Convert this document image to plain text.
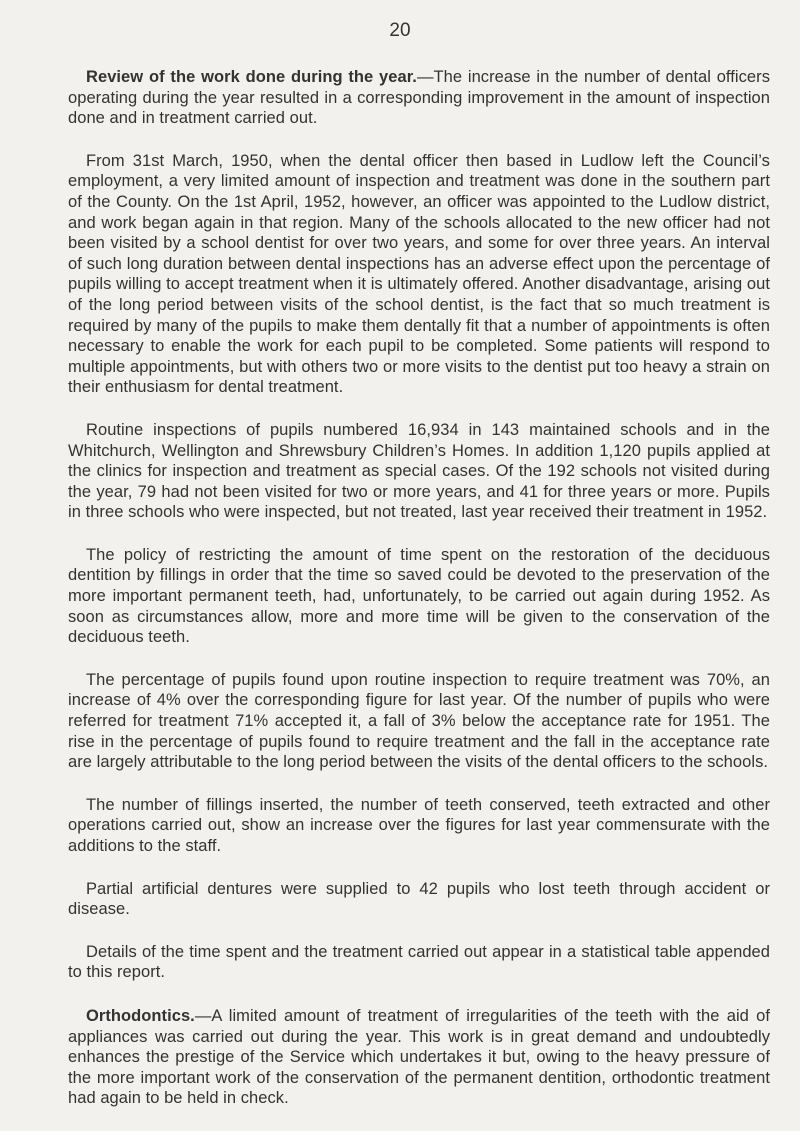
20

Review of the work done during the year.—The increase in the number of dental officers operating during the year resulted in a corresponding improvement in the amount of inspection done and in treatment carried out.

From 31st March, 1950, when the dental officer then based in Ludlow left the Council’s employment, a very limited amount of inspection and treatment was done in the southern part of the County. On the 1st April, 1952, however, an officer was appointed to the Ludlow district, and work began again in that region. Many of the schools allocated to the new officer had not been visited by a school dentist for over two years, and some for over three years. An interval of such long duration between dental inspections has an adverse effect upon the percentage of pupils willing to accept treatment when it is ultimately offered. Another disadvantage, arising out of the long period between visits of the school dentist, is the fact that so much treatment is required by many of the pupils to make them dentally fit that a number of appointments is often necessary to enable the work for each pupil to be completed. Some patients will respond to multiple appointments, but with others two or more visits to the dentist put too heavy a strain on their enthusiasm for dental treatment.

Routine inspections of pupils numbered 16,934 in 143 maintained schools and in the Whitchurch, Wellington and Shrewsbury Children’s Homes. In addition 1,120 pupils applied at the clinics for inspection and treatment as special cases. Of the 192 schools not visited during the year, 79 had not been visited for two or more years, and 41 for three years or more. Pupils in three schools who were inspected, but not treated, last year received their treatment in 1952.

The policy of restricting the amount of time spent on the restoration of the deciduous dentition by fillings in order that the time so saved could be devoted to the preservation of the more important permanent teeth, had, unfortunately, to be carried out again during 1952. As soon as circumstances allow, more and more time will be given to the conservation of the deciduous teeth.

The percentage of pupils found upon routine inspection to require treatment was 70%, an increase of 4% over the corresponding figure for last year. Of the number of pupils who were referred for treatment 71% accepted it, a fall of 3% below the acceptance rate for 1951. The rise in the percentage of pupils found to require treatment and the fall in the acceptance rate are largely attributable to the long period between the visits of the dental officers to the schools.

The number of fillings inserted, the number of teeth conserved, teeth extracted and other operations carried out, show an increase over the figures for last year commensurate with the additions to the staff.

Partial artificial dentures were supplied to 42 pupils who lost teeth through accident or disease.

Details of the time spent and the treatment carried out appear in a statistical table appended to this report.

Orthodontics.—A limited amount of treatment of irregularities of the teeth with the aid of appliances was carried out during the year. This work is in great demand and undoubtedly enhances the prestige of the Service which undertakes it but, owing to the heavy pressure of the more important work of the conservation of the permanent dentition, orthodontic treatment had again to be held in check.
